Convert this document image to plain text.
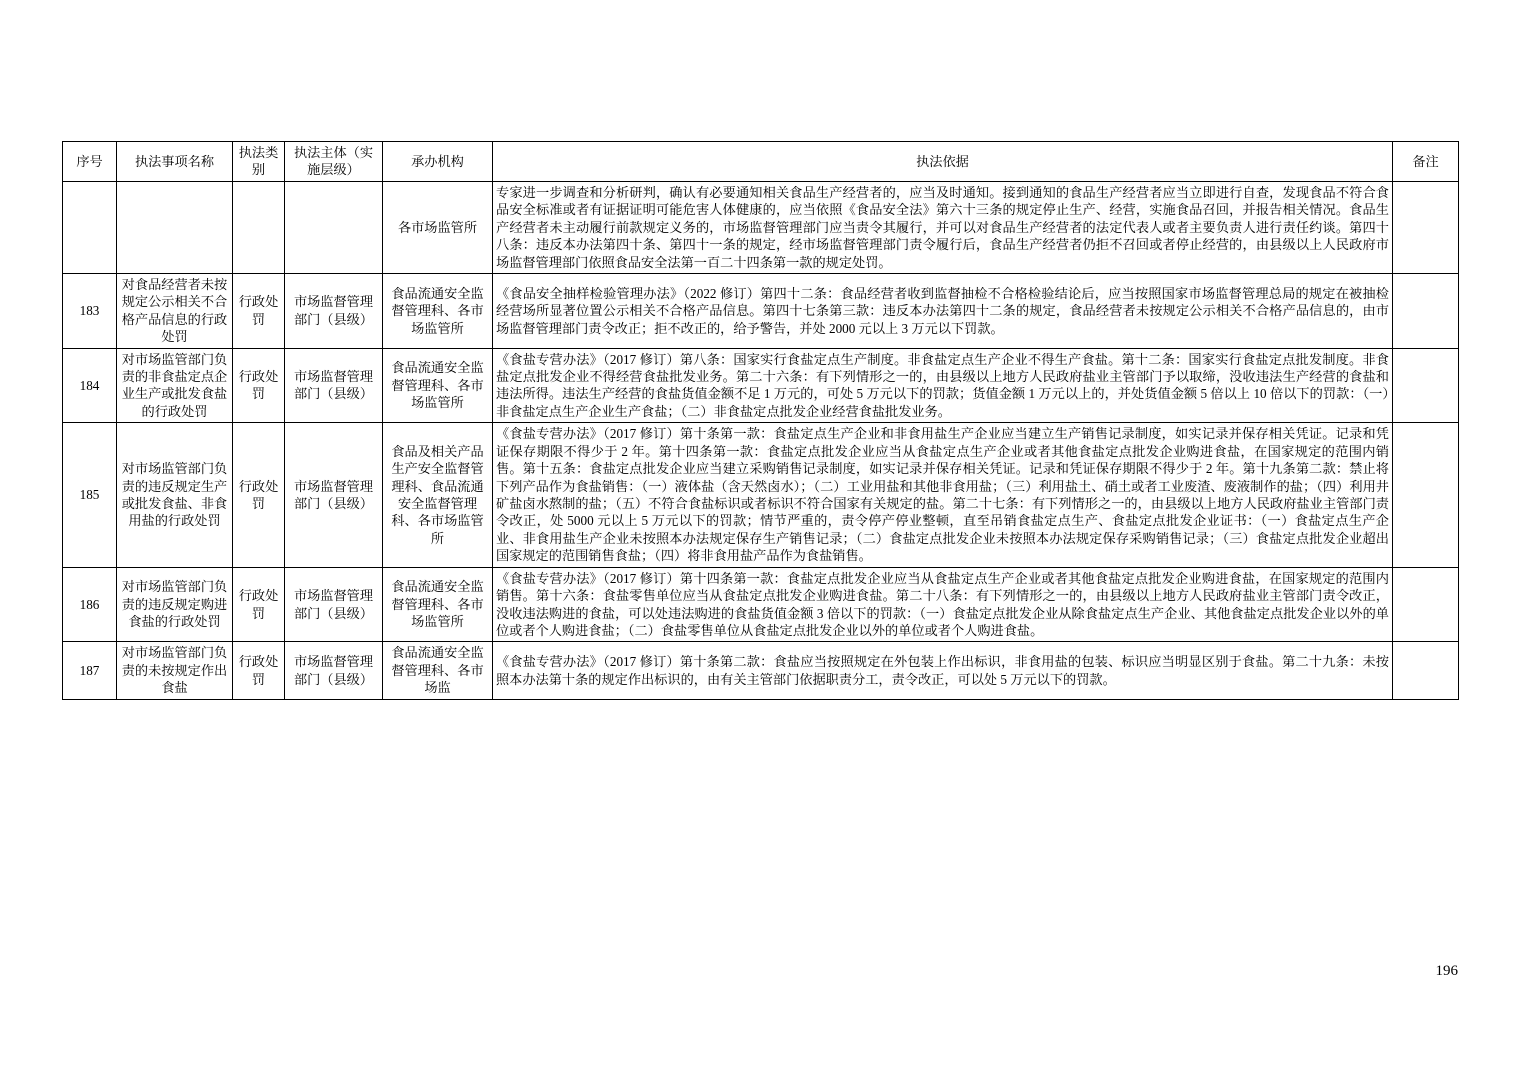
序号	执法事项名称	执法类别	执法主体（实施层级）	承办机构	执法依据	备注
				各市场监管所	专家进一步调查和分析研判，确认有必要通知相关食品生产经营者的，应当及时通知。接到通知的食品生产经营者应当立即进行自查，发现食品不符合食品安全标准或者有证据证明可能危害人体健康的，应当依照《食品安全法》第六十三条的规定停止生产、经营，实施食品召回，并报告相关情况。食品生产经营者未主动履行前款规定义务的，市场监督管理部门应当责令其履行，并可以对食品生产经营者的法定代表人或者主要负责人进行责任约谈。第四十八条：违反本办法第四十条、第四十一条的规定，经市场监督管理部门责令履行后，食品生产经营者仍拒不召回或者停止经营的，由县级以上人民政府市场监督管理部门依照食品安全法第一百二十四条第一款的规定处罚。	
183	对食品经营者未按规定公示相关不合格产品信息的行政处罚	行政处罚	市场监督管理部门（县级）	食品流通安全监督管理科、各市场监管所	《食品安全抽样检验管理办法》（2022 修订）第四十二条：食品经营者收到监督抽检不合格检验结论后，应当按照国家市场监督管理总局的规定在被抽检经营场所显著位置公示相关不合格产品信息。第四十七条第三款：违反本办法第四十二条的规定，食品经营者未按规定公示相关不合格产品信息的，由市场监督管理部门责令改正；拒不改正的，给予警告，并处 2000 元以上 3 万元以下罚款。	
184	对市场监管部门负责的非食盐定点企业生产或批发食盐的行政处罚	行政处罚	市场监督管理部门（县级）	食品流通安全监督管理科、各市场监管所	《食盐专营办法》（2017 修订）第八条：国家实行食盐定点生产制度。非食盐定点生产企业不得生产食盐。第十二条：国家实行食盐定点批发制度。非食盐定点批发企业不得经营食盐批发业务。第二十六条：有下列情形之一的，由县级以上地方人民政府盐业主管部门予以取缔，没收违法生产经营的食盐和违法所得。违法生产经营的食盐货值金额不足 1 万元的，可处 5 万元以下的罚款；货值金额 1 万元以上的，并处货值金额 5 倍以上 10 倍以下的罚款：（一）非食盐定点生产企业生产食盐；（二）非食盐定点批发企业经营食盐批发业务。	
185	对市场监管部门负责的违反规定生产或批发食盐、非食用盐的行政处罚	行政处罚	市场监督管理部门（县级）	食品及相关产品生产安全监督管理科、食品流通安全监督管理科、各市场监管所	《食盐专营办法》（2017 修订）第十条第一款：食盐定点生产企业和非食用盐生产企业应当建立生产销售记录制度，如实记录并保存相关凭证。记录和凭证保存期限不得少于 2 年。第十四条第一款：食盐定点批发企业应当从食盐定点生产企业或者其他食盐定点批发企业购进食盐，在国家规定的范围内销售。第十五条：食盐定点批发企业应当建立采购销售记录制度，如实记录并保存相关凭证。记录和凭证保存期限不得少于 2 年。第十九条第二款：禁止将下列产品作为食盐销售：（一）液体盐（含天然卤水）；（二）工业用盐和其他非食用盐；（三）利用盐土、硝土或者工业废渣、废液制作的盐；（四）利用井矿盐卤水熬制的盐；（五）不符合食盐标识或者标识不符合国家有关规定的盐。第二十七条：有下列情形之一的，由县级以上地方人民政府盐业主管部门责令改正，处 5000 元以上 5 万元以下的罚款；情节严重的，责令停产停业整顿，直至吊销食盐定点生产、食盐定点批发企业证书：（一）食盐定点生产企业、非食用盐生产企业未按照本办法规定保存生产销售记录；（二）食盐定点批发企业未按照本办法规定保存采购销售记录；（三）食盐定点批发企业超出国家规定的范围销售食盐；（四）将非食用盐产品作为食盐销售。	
186	对市场监管部门负责的违反规定购进食盐的行政处罚	行政处罚	市场监督管理部门（县级）	食品流通安全监督管理科、各市场监管所	《食盐专营办法》（2017 修订）第十四条第一款：食盐定点批发企业应当从食盐定点生产企业或者其他食盐定点批发企业购进食盐，在国家规定的范围内销售。第十六条：食盐零售单位应当从食盐定点批发企业购进食盐。第二十八条：有下列情形之一的，由县级以上地方人民政府盐业主管部门责令改正，没收违法购进的食盐，可以处违法购进的食盐货值金额 3 倍以下的罚款：（一）食盐定点批发企业从除食盐定点生产企业、其他食盐定点批发企业以外的单位或者个人购进食盐；（二）食盐零售单位从食盐定点批发企业以外的单位或者个人购进食盐。	
187	对市场监管部门负责的未按规定作出食盐	行政处罚	市场监督管理部门（县级）	食品流通安全监督管理科、各市场监	《食盐专营办法》（2017 修订）第十条第二款：食盐应当按照规定在外包装上作出标识，非食用盐的包装、标识应当明显区别于食盐。第二十九条：未按照本办法第十条的规定作出标识的，由有关主管部门依据职责分工，责令改正，可以处 5 万元以下的罚款。	
196
